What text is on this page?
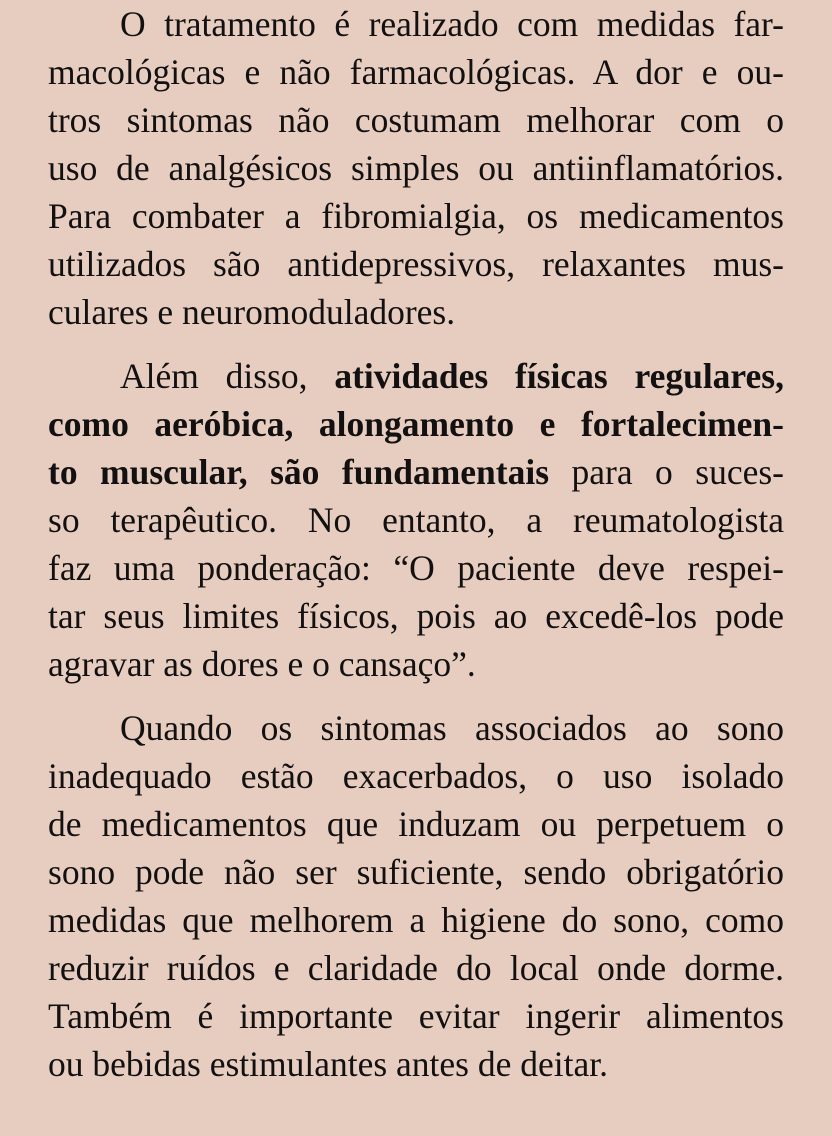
O tratamento é realizado com medidas far-
macológicas e não farmacológicas. A dor e ou-
tros sintomas não costumam melhorar com o
uso de analgésicos simples ou antiinflamatórios.
Para combater a fibromialgia, os medicamentos
utilizados são antidepressivos, relaxantes mus-
culares e neuromoduladores.
Além disso, atividades físicas regulares,
como aeróbica, alongamento e fortalecimen-
to muscular, são fundamentais para o suces-
so terapêutico. No entanto, a reumatologista
faz uma ponderação: “O paciente deve respei-
tar seus limites físicos, pois ao excedê-los pode
agravar as dores e o cansaço”.
Quando os sintomas associados ao sono
inadequado estão exacerbados, o uso isolado
de medicamentos que induzam ou perpetuem o
sono pode não ser suficiente, sendo obrigatório
medidas que melhorem a higiene do sono, como
reduzir ruídos e claridade do local onde dorme.
Também é importante evitar ingerir alimentos
ou bebidas estimulantes antes de deitar.
